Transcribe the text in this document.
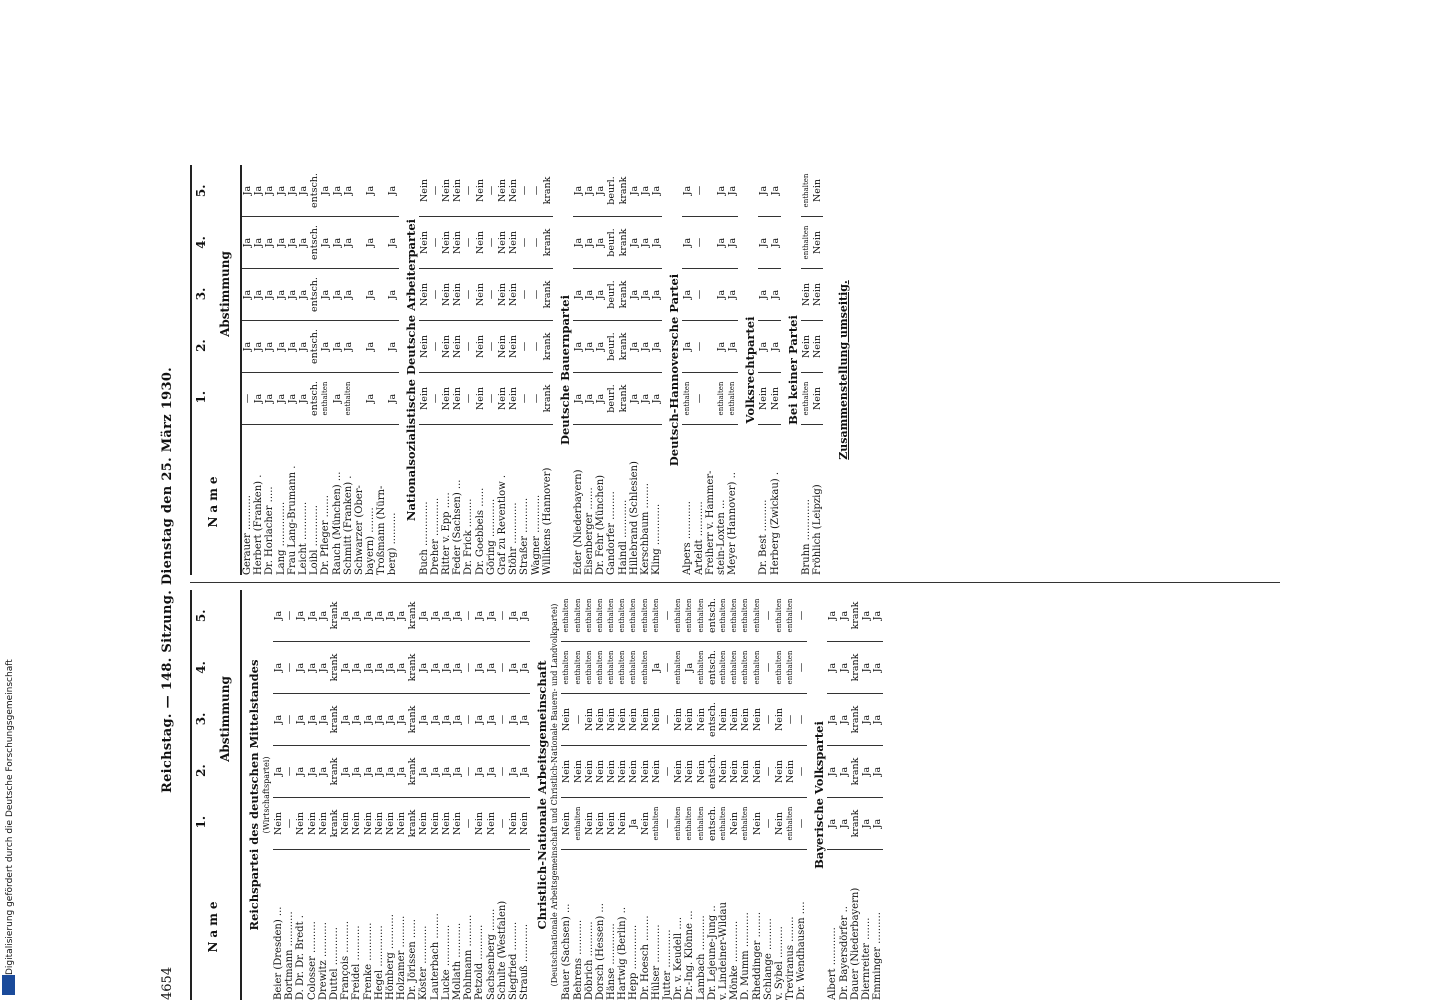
4654
Reichstag. — 148. Sitzung. Dienstag den 25. März 1930.
Name
1.
2.
3.
4.
5.
Abstimmung Reichspartei des deutschen Mittelstandes (Wirtschaftspartei)
Beier (Dresden) ...
Nein
Ja
Ja
Ja
Ja
Bortmann ...........
—
—
—
—
—
D. Dr. Dr. Bredt .
Nein
Ja
Ja
Ja
Ja
Colosser ..........
Nein
Ja
Ja
Ja
Ja
Drewitz ...........
Nein
Ja
Ja
Ja
Ja
Duttel ............
krank
krank
krank
krank
krank
François ..........
Nein
Ja
Ja
Ja
Ja
Freidel ...........
Nein
Ja
Ja
Ja
Ja
Frenke ............
Nein
Ja
Ja
Ja
Ja
Hegel .............
Nein
Ja
Ja
Ja
Ja
Hömberg ...........
Nein
Ja
Ja
Ja
Ja
Holzamer ..........
Nein
Ja
Ja
Ja
Ja
Dr. Jörissen ......
krank
krank
krank
krank
krank
Köster ............
Nein
Ja
Ja
Ja
Ja
Lauterbach ........
Nein
Ja
Ja
Ja
Ja
Lucke .............
Nein
Ja
Ja
Ja
Ja
Mollath ...........
Nein
Ja
Ja
Ja
Ja
Pohlmann ..........
—
—
—
—
—
Petzold ...........
Nein
Ja
Ja
Ja
Ja
Sachsenberg .......
Nein
Ja
Ja
Ja
Ja
Schulte (Westfalen)
—
—
—
—
—
Siegfried .........
Nein
Ja
Ja
Ja
Ja
Strauß ............
Nein
Ja
Ja
Ja
Ja
Christlich-Nationale Arbeitsgemeinschaft (Deutschnationale Arbeitsgemeinschaft und Christlich-Nationale Bauern- und Landvolkpartei) Bauer (Sachsen) ...
Nein
Nein
Nein
enthalten
enthalten
Behrens ...........
enthalten
Nein
—
enthalten
enthalten
Döbrich ...........
Nein
Nein
Nein
enthalten
enthalten
Dorsch (Hessen) ...
Nein
Nein
Nein
enthalten
enthalten
Hänse .............
Nein
Nein
Nein
enthalten
enthalten
Hartwig (Berlin) ..
Nein
Nein
Nein
enthalten
enthalten
Hepp ..............
Ja
Nein
Nein
enthalten
enthalten
Dr. Hoesch ........
Nein
Nein
Nein
enthalten
enthalten
Hülser ............
enthalten
Nein
Nein
Ja
enthalten
Jutter ............
—
—
—
—
—
Dr. v. Keudell ....
enthalten
Nein
Nein
enthalten
enthalten
Dr.-Ing. Klönne ...
enthalten
Nein
Nein
Ja
enthalten
Lambach ...........
enthalten
Nein
Nein
enthalten
enthalten
Dr. Lejeune-Jung ..
entsch.
entsch.
entsch.
entsch.
entsch.
v. Lindeiner-Wildau
enthalten
Nein
Nein
enthalten
enthalten
Mönke .............
Nein
Nein
Nein
enthalten
enthalten
D. Mumm ...........
enthalten
Nein
Nein
enthalten
enthalten
Rheddinger ........
Nein
Nein
Nein
enthalten
enthalten
Schlange ..........
—
—
—
—
—
v. Sybel ..........
Nein
Nein
Nein
enthalten
enthalten
Treviranus ........
enthalten
Nein
—
enthalten
enthalten
Dr. Wendhausen ....
—
—
—
—
—
Bayerische Volkspartei
Albert ............
Ja
Ja
Ja
Ja
Ja
Dr. Bayersdörfer ..
Ja
Ja
Ja
Ja
Ja
Dauer (Niederbayern)
krank
krank
krank
krank
krank
Diernreiter .......
Ja
Ja
Ja
Ja
Ja
Emminger ..........
Ja
Ja
Ja
Ja
Ja
Name
1.
2.
3.
4.
5.
Abstimmung
Gerauer ...........
—
Ja
Ja
Ja
Ja
Herbert (Franken) .
Ja
Ja
Ja
Ja
Ja
Dr. Horlacher .....
Ja
Ja
Ja
Ja
Ja
Lang ..............
Ja
Ja
Ja
Ja
Ja
Frau Lang-Brumann .
Ja
Ja
Ja
Ja
Ja
Leicht ............
Ja
Ja
Ja
Ja
Ja
Loibl .............
entsch.
entsch.
entsch.
entsch.
entsch.
Dr. Pfleger .......
enthalten
Ja
Ja
Ja
Ja
Rauch (München) ...
Ja
Ja
Ja
Ja
Ja
Schmitt (Franken) .
enthalten
Ja
Ja
Ja
Ja
Schwarzer (Ober- bayern) ........
Ja
Ja
Ja
Ja
Ja
Troßmann (Nürn- berg) ..........
Ja
Ja
Ja
Ja
Ja
Nationalsozialistische Deutsche Arbeiterpartei
Buch ..............
Nein
Nein
Nein
Nein
Nein
Dreher ............
—
—
—
—
—
Ritter v. Epp .....
Nein
Nein
Nein
Nein
Nein
Feder (Sachsen) ...
Nein
Nein
Nein
Nein
Nein
Dr. Frick .........
—
—
—
—
—
Dr. Goebbels ......
Nein
Nein
Nein
Nein
Nein
Göring ............
—
—
—
—
—
Graf zu Reventlow .
Nein
Nein
Nein
Nein
Nein
Stöhr .............
Nein
Nein
Nein
Nein
Nein
Straßer ...........
—
—
—
—
—
Wagner ............
—
—
—
—
—
Willikens (Hannover)
krank
krank
krank
krank
krank
Deutsche Bauernpartei
Eder (Niederbayern)
Ja
Ja
Ja
Ja
Ja
Eisenberger .......
Ja
Ja
Ja
Ja
Ja
Dr. Fehr (München)
Ja
Ja
Ja
Ja
Ja
Gandorfer .........
beurl.
beurl.
beurl.
beurl.
beurl.
Haindl ............
krank
krank
krank
krank
krank
Hillebrand (Schlesien)
Ja
Ja
Ja
Ja
Ja
Kerschbaum ........
Ja
Ja
Ja
Ja
Ja
Kling .............
Ja
Ja
Ja
Ja
Ja
Deutsch-Hannoversche Partei
Alpers ............
enthalten
Ja
Ja
Ja
Ja
Arteldt ...........
—
—
—
—
—
Freiherr v. Hammer- stein-Loxten ...
enthalten
Ja
Ja
Ja
Ja
Meyer (Hannover) ..
enthalten
Ja
Ja
Ja
Ja
Volksrechtpartei
Dr. Best ..........
Nein
Ja
Ja
Ja
Ja
Herberg (Zwickau) .
Nein
Ja
Ja
Ja
Ja
Bei keiner Partei
Bruhn .............
enthalten
Nein
Nein
enthalten
enthalten
Fröhlich (Leipzig)
Nein
Nein
Nein
Nein
Nein
Zusammenstellung umseitig.
Digitalisierung gefördert durch die Deutsche Forschungsgemeinschaft
